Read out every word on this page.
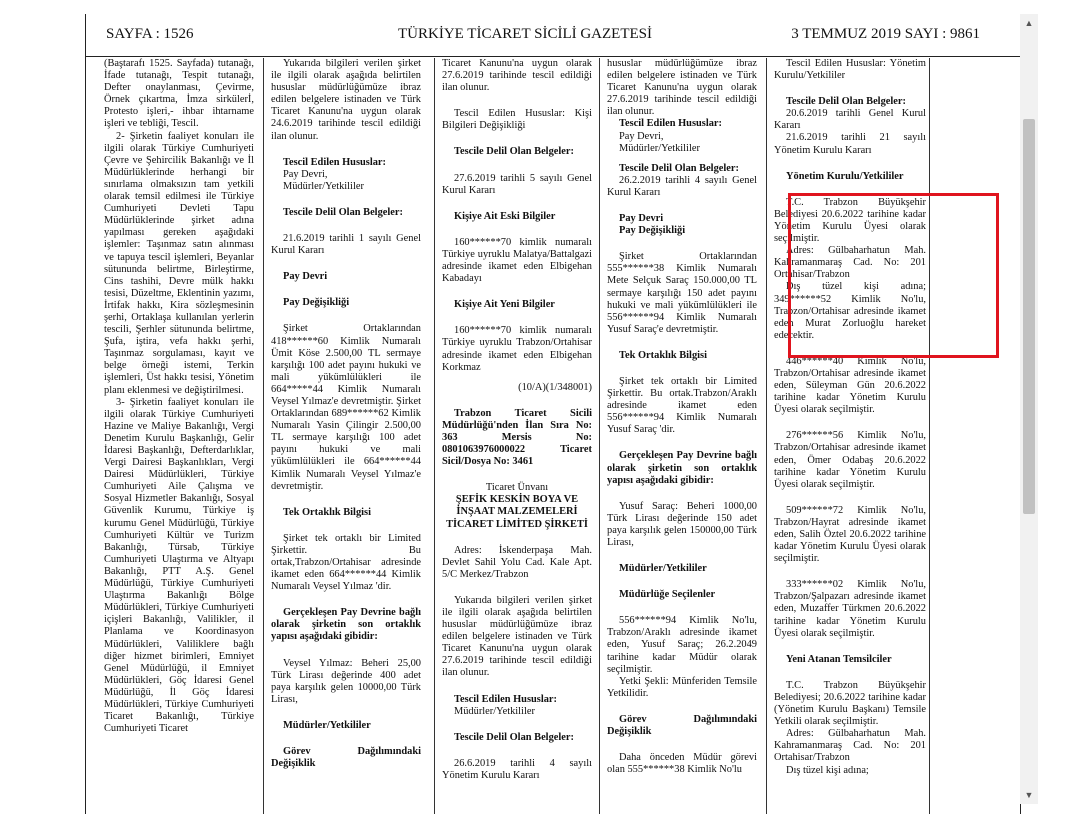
SAYFA : 1526	TÜRKİYE TİCARET SİCİLİ GAZETESİ	3 TEMMUZ 2019 SAYI : 9861

(Baştarafı 1525. Sayfada) tutanağı, İfade tutanağı, Tespit tutanağı, Defter onaylanması, Çevirme, Örnek çıkartma, İmza sirkülerİ, Protesto işleri,- ihbar ihtarname işleri ve tebliği, Tescil.

2- Şirketin faaliyet konuları ile ilgili olarak Türkiye Cumhuriyeti Çevre ve Şehircilik Bakanlığı ve İl Müdürlüklerinde herhangi bir sınırlama olmaksızın tam yetkili olarak temsil edilmesi ile Türkiye Cumhuriyeti Devleti Tapu Müdürlüklerinde şirket adına yapılması gereken aşağıdaki işlemler: Taşınmaz satın alınması ve tapuya tescil işlemleri, Beyanlar sütununda belirtme, Birleştirme, Cins tashihi, Devre mülk hakkı tesisi, Düzeltme, Eklentinin yazımı, İrtifak hakkı, Kira sözleşmesinin şerhi, Ortaklaşa kullanılan yerlerin tescili, Şerhler sütununda belirtme, Şufa, iştira, vefa hakkı şerhi, Taşınmaz sorgulaması, kayıt ve belge örneği istemi, Terkin işlemleri, Üst hakkı tesisi, Yönetim planı eklenmesi ve değiştirilmesi.

3- Şirketin faaliyet konuları ile ilgili olarak Türkiye Cumhuriyeti Hazine ve Maliye Bakanlığı, Vergi Denetim Kurulu Başkanlığı, Gelir İdaresi Başkanlığı, Defterdarlıklar, Vergi Dairesi Başkanlıkları, Vergi Dairesi Müdürlükleri, Türkiye Cumhuriyeti Aile Çalışma ve Sosyal Hizmetler Bakanlığı, Sosyal Güvenlik Kurumu, Türkiye iş kurumu Genel Müdürlüğü, Türkiye Cumhuriyeti Kültür ve Turizm Bakanlığı, Türsab, Türkiye Cumhuriyeti Ulaştırma ve Altyapı Bakanlığı, PTT A.Ş. Genel Müdürlüğü, Türkiye Cumhuriyeti Ulaştırma Bakanlığı Bölge Müdürlükleri, Türkiye Cumhuriyeti içişleri Bakanlığı, Valilikler, il Planlama ve Koordinasyon Müdürlükleri, Valiliklere bağlı diğer hizmet birimleri, Emniyet Genel Müdürlüğü, il Emniyet Müdürlükleri, Göç İdaresi Genel Müdürlüğü, İl Göç İdaresi Müdürlükleri, Türkiye Cumhuriyeti Ticaret Bakanlığı, Türkiye Cumhuriyeti Ticaret

Yukarıda bilgileri verilen şirket ile ilgili olarak aşağıda belirtilen hususlar müdürlüğümüze ibraz edilen belgelere istinaden ve Türk Ticaret Kanunu'na uygun olarak 24.6.2019 tarihinde tescil edildiği ilan olunur.

Tescil Edilen Hususlar:

Pay Devri,

Müdürler/Yetkililer

Tescile Delil Olan Belgeler:

21.6.2019 tarihli 1 sayılı Genel Kurul Kararı

Pay Devri

Pay Değişikliği

Şirket Ortaklarından 418******60 Kimlik Numaralı Ümit Köse 2.500,00 TL sermaye karşılığı 100 adet payını hukuki ve mali yükümlülükleri ile 664*****44 Kimlik Numaralı Veysel Yılmaz'e devretmiştir. Şirket Ortaklarından 689******62 Kimlik Numaralı Yasin Çilingir 2.500,00 TL sermaye karşılığı 100 adet payını hukuki ve mali yükümlülükleri ile 664******44 Kimlik Numaralı Veysel Yılmaz'e devretmiştir.

Tek Ortaklık Bilgisi

Şirket tek ortaklı bir Limited Şirkettir. Bu ortak,Trabzon/Ortahisar adresinde ikamet eden 664******44 Kimlik Numaralı Veysel Yılmaz 'dir.

Gerçekleşen Pay Devrine bağlı olarak şirketin son ortaklık yapısı aşağıdaki gibidir:

Veysel Yılmaz: Beheri 25,00 Türk Lirası değerinde 400 adet paya karşılık gelen 10000,00 Türk Lirası,

Müdürler/Yetkililer

Görev Dağılımındaki Değişiklik

Ticaret Kanunu'na uygun olarak 27.6.2019 tarihinde tescil edildiği ilan olunur.

Tescil Edilen Hususlar: Kişi Bilgileri Değişikliği

Tescile Delil Olan Belgeler:

27.6.2019 tarihli 5 sayılı Genel Kurul Kararı

Kişiye Ait Eski Bilgiler

160******70 kimlik numaralı Türkiye uyruklu Malatya/Battalgazi adresinde ikamet eden Elbigehan Kabadayı

Kişiye Ait Yeni Bilgiler

160******70 kimlik numaralı Türkiye uyruklu Trabzon/Ortahisar adresinde ikamet eden Elbigehan Korkmaz

(10/A)(1/348001)

Trabzon Ticaret Sicili Müdürlüğü'nden İlan Sıra No: 363 Mersis No: 0801063976000022 Ticaret Sicil/Dosya No: 3461

Ticaret Ünvanı

ŞEFİK KESKİN BOYA VE İNŞAAT MALZEMELERİ TİCARET LİMİTED ŞİRKETİ

Adres: İskenderpaşa Mah. Devlet Sahil Yolu Cad. Kale Apt. 5/C Merkez/Trabzon

Yukarıda bilgileri verilen şirket ile ilgili olarak aşağıda belirtilen hususlar müdürlüğümüze ibraz edilen belgelere istinaden ve Türk Ticaret Kanunu'na uygun olarak 27.6.2019 tarihinde tescil edildiği ilan olunur.

Tescil Edilen Hususlar:

Müdürler/Yetkililer

Tescile Delil Olan Belgeler:

26.6.2019 tarihli 4 sayılı Yönetim Kurulu Kararı

hususlar müdürlüğümüze ibraz edilen belgelere istinaden ve Türk Ticaret Kanunu'na uygun olarak 27.6.2019 tarihinde tescil edildiği ilan olunur.

Tescil Edilen Hususlar:

Pay Devri,

Müdürler/Yetkililer

Tescile Delil Olan Belgeler:

26.2.2019 tarihli 4 sayılı Genel Kurul Kararı

Pay Devri

Pay Değişikliği

Şirket Ortaklarından 555******38 Kimlik Numaralı Mete Selçuk Saraç 150.000,00 TL sermaye karşılığı 150 adet payını hukuki ve mali yükümlülükleri ile 556******94 Kimlik Numaralı Yusuf Saraç'e devretmiştir.

Tek Ortaklık Bilgisi

Şirket tek ortaklı bir Limited Şirkettir. Bu ortak.Trabzon/Araklı adresinde ikamet eden 556******94 Kimlik Numaralı Yusuf Saraç 'dir.

Gerçekleşen Pay Devrine bağlı olarak şirketin son ortaklık yapısı aşağıdaki gibidir:

Yusuf Saraç: Beheri 1000,00 Türk Lirası değerinde 150 adet paya karşılık gelen 150000,00 Türk Lirası,

Müdürler/Yetkililer

Müdürlüğe Seçilenler

556******94 Kimlik No'lu, Trabzon/Araklı adresinde ikamet eden, Yusuf Saraç; 26.2.2049 tarihine kadar Müdür olarak seçilmiştir.

Yetki Şekli: Münferiden Temsile Yetkilidir.

Görev Dağılımındaki Değişiklik

Daha önceden Müdür görevi olan 555******38 Kimlik No'lu

Tescil Edilen Hususlar: Yönetim Kurulu/Yetkililer

Tescile Delil Olan Belgeler:

20.6.2019 tarihli Genel Kurul Kararı

21.6.2019 tarihli 21 sayılı Yönetim Kurulu Kararı

Yönetim Kurulu/Yetkililer

T.C. Trabzon Büyükşehir Belediyesi 20.6.2022 tarihine kadar Yönetim Kurulu Üyesi olarak seçilmiştir.

Adres: Gülbaharhatun Mah. Kahramanmaraş Cad. No: 201 Ortahisar/Trabzon

Dış tüzel kişi adına; 349******52 Kimlik No'lu, Trabzon/Ortahisar adresinde ikamet eden Murat Zorluoğlu hareket edecektir.

446******40 Kimlik No'lu, Trabzon/Ortahisar adresinde ikamet eden, Süleyman Gün 20.6.2022 tarihine kadar Yönetim Kurulu Üyesi olarak seçilmiştir.

276******56 Kimlik No'lu, Trabzon/Ortahisar adresinde ikamet eden, Ömer Odabaş 20.6.2022 tarihine kadar Yönetim Kurulu Üyesi olarak seçilmiştir.

509******72 Kimlik No'lu, Trabzon/Hayrat adresinde ikamet eden, Salih Öztel 20.6.2022 tarihine kadar Yönetim Kurulu Üyesi olarak seçilmiştir.

333******02 Kimlik No'lu, Trabzon/Şalpazarı adresinde ikamet eden, Muzaffer Türkmen 20.6.2022 tarihine kadar Yönetim Kurulu Üyesi olarak seçilmiştir.

Yeni Atanan Temsilciler

T.C. Trabzon Büyükşehir Belediyesi; 20.6.2022 tarihine kadar (Yönetim Kurulu Başkanı) Temsile Yetkili olarak seçilmiştir.

Adres: Gülbaharhatun Mah. Kahramanmaraş Cad. No: 201 Ortahisar/Trabzon

Dış tüzel kişi adına;

▲
▼
